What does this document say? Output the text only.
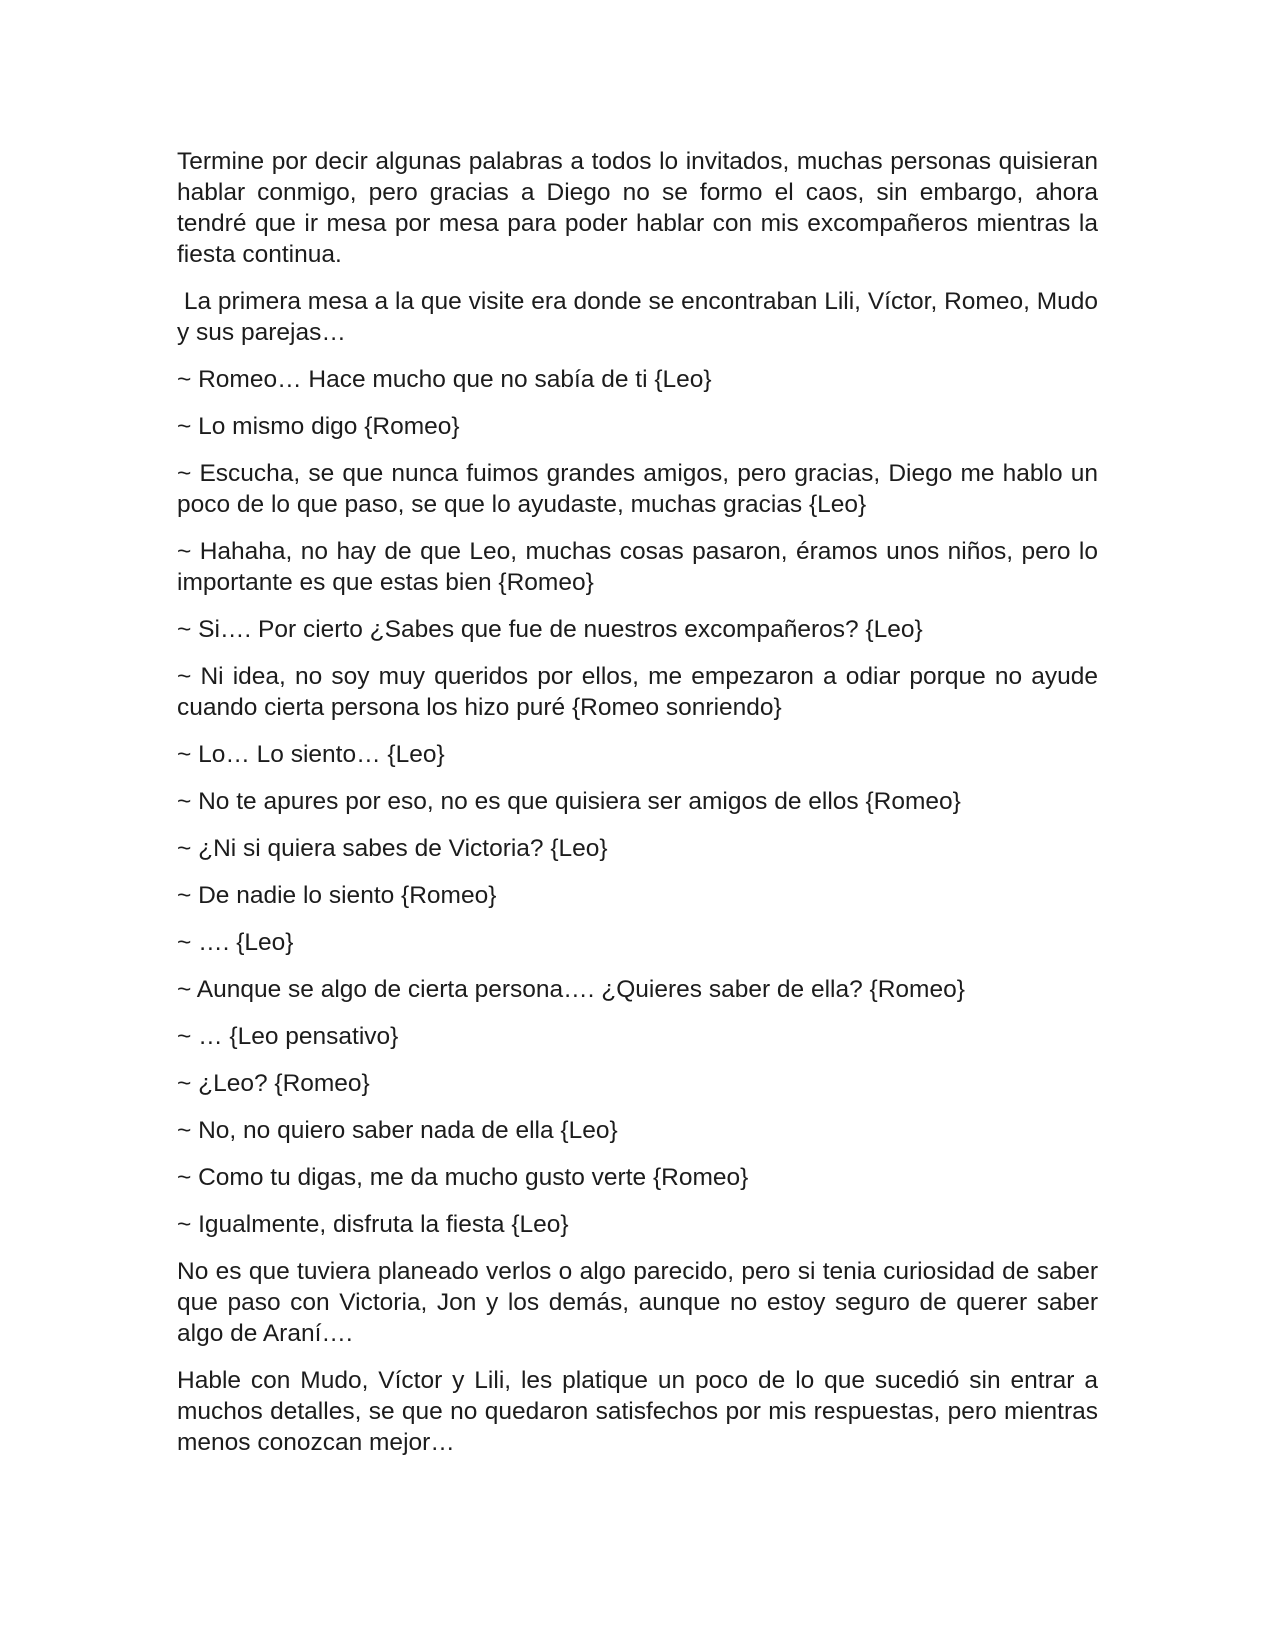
Termine por decir algunas palabras a todos lo invitados, muchas personas quisieran hablar conmigo, pero gracias a Diego no se formo el caos, sin embargo, ahora tendré que ir mesa por mesa para poder hablar con mis excompañeros mientras la fiesta continua.

La primera mesa a la que visite era donde se encontraban Lili, Víctor, Romeo, Mudo y sus parejas…

~ Romeo… Hace mucho que no sabía de ti {Leo}

~ Lo mismo digo {Romeo}

~ Escucha, se que nunca fuimos grandes amigos, pero gracias, Diego me hablo un poco de lo que paso, se que lo ayudaste, muchas gracias {Leo}

~ Hahaha, no hay de que Leo, muchas cosas pasaron, éramos unos niños, pero lo importante es que estas bien {Romeo}

~ Si…. Por cierto ¿Sabes que fue de nuestros excompañeros? {Leo}

~ Ni idea, no soy muy queridos por ellos, me empezaron a odiar porque no ayude cuando cierta persona los hizo puré {Romeo sonriendo}

~ Lo… Lo siento… {Leo}

~ No te apures por eso, no es que quisiera ser amigos de ellos {Romeo}

~ ¿Ni si quiera sabes de Victoria? {Leo}

~ De nadie lo siento {Romeo}

~ …. {Leo}

~ Aunque se algo de cierta persona…. ¿Quieres saber de ella? {Romeo}

~ … {Leo pensativo}

~ ¿Leo? {Romeo}

~ No, no quiero saber nada de ella {Leo}

~ Como tu digas, me da mucho gusto verte {Romeo}

~ Igualmente, disfruta la fiesta {Leo}

No es que tuviera planeado verlos o algo parecido, pero si tenia curiosidad de saber que paso con Victoria, Jon y los demás, aunque no estoy seguro de querer saber algo de Araní….

Hable con Mudo, Víctor y Lili, les platique un poco de lo que sucedió sin entrar a muchos detalles, se que no quedaron satisfechos por mis respuestas, pero mientras menos conozcan mejor…
